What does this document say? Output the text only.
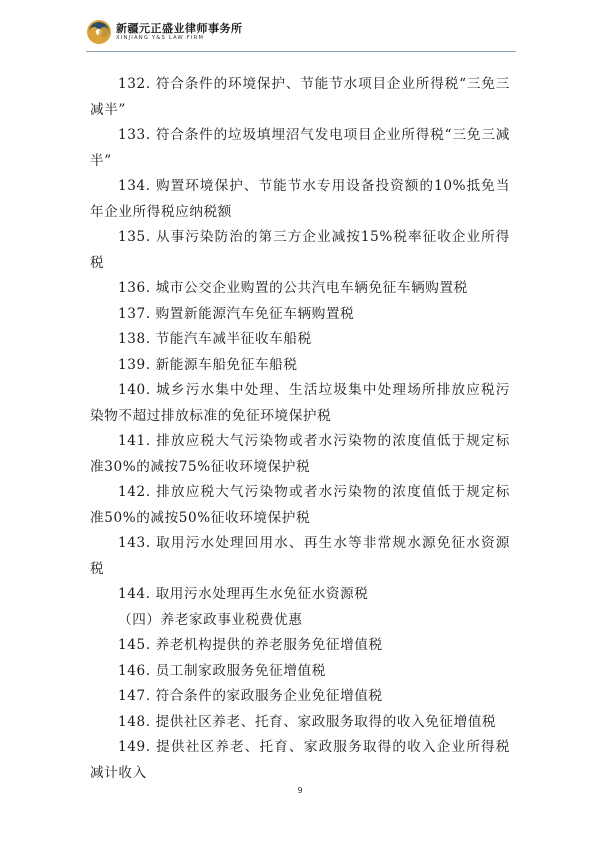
新疆元正盛业律师事务所
XINJIANG Y&S LAW FIRM

132. 符合条件的环境保护、节能节水项目企业所得税“三免三减半”

133. 符合条件的垃圾填埋沼气发电项目企业所得税“三免三减半”

134. 购置环境保护、节能节水专用设备投资额的10%抵免当年企业所得税应纳税额

135. 从事污染防治的第三方企业减按15%税率征收企业所得税

136. 城市公交企业购置的公共汽电车辆免征车辆购置税

137. 购置新能源汽车免征车辆购置税

138. 节能汽车减半征收车船税

139. 新能源车船免征车船税

140. 城乡污水集中处理、生活垃圾集中处理场所排放应税污染物不超过排放标准的免征环境保护税

141. 排放应税大气污染物或者水污染物的浓度值低于规定标准30%的减按75%征收环境保护税

142. 排放应税大气污染物或者水污染物的浓度值低于规定标准50%的减按50%征收环境保护税

143. 取用污水处理回用水、再生水等非常规水源免征水资源税

144. 取用污水处理再生水免征水资源税

（四）养老家政事业税费优惠

145. 养老机构提供的养老服务免征增值税

146. 员工制家政服务免征增值税

147. 符合条件的家政服务企业免征增值税

148. 提供社区养老、托育、家政服务取得的收入免征增值税

149. 提供社区养老、托育、家政服务取得的收入企业所得税减计收入

9
